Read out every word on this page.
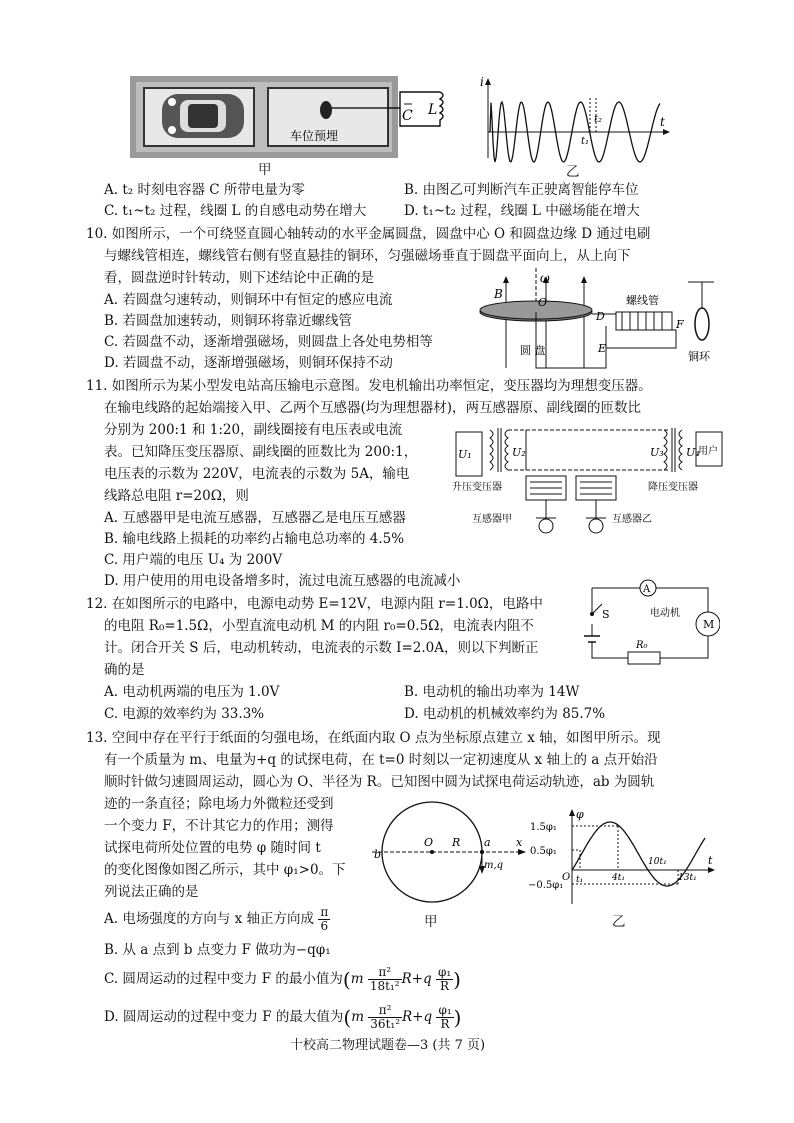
车位预埋
C L
甲
i
t
t₁
t₂
乙
A. t₂ 时刻电容器 C 所带电量为零	B. 由图乙可判断汽车正驶离智能停车位
C. t₁~t₂ 过程，线圈 L 的自感电动势在增大	D. t₁~t₂ 过程，线圈 L 中磁场能在增大
10. 如图所示，一个可绕竖直圆心轴转动的水平金属圆盘，圆盘中心 O 和圆盘边缘 D 通过电刷
与螺线管相连，螺线管右侧有竖直悬挂的铜环，匀强磁场垂直于圆盘平面向上，从上向下
看，圆盘逆时针转动，则下述结论中正确的是
A. 若圆盘匀速转动，则铜环中有恒定的感应电流
B. 若圆盘加速转动，则铜环将靠近螺线管
C. 若圆盘不动，逐渐增强磁场，则圆盘上各处电势相等
D. 若圆盘不动，逐渐增强磁场，则铜环保持不动
B
ω
O
D
圆 盘	E
螺线管
F
铜环
11. 如图所示为某小型发电站高压输电示意图。发电机输出功率恒定，变压器均为理想变压器。
在输电线路的起始端接入甲、乙两个互感器(均为理想器材)，两互感器原、副线圈的匝数比
分别为 200:1 和 1:20，副线圈接有电压表或电流
表。已知降压变压器原、副线圈的匝数比为 200:1，
电压表的示数为 220V，电流表的示数为 5A，输电
线路总电阻 r=20Ω，则
A. 互感器甲是电流互感器，互感器乙是电压互感器
B. 输电线路上损耗的功率约占输电总功率的 4.5%
C. 用户端的电压 U₄ 为 200V
D. 用户使用的用电设备增多时，流过电流互感器的电流减小
U₁	U₂	U₃ U₄
用户
升压变压器	降压变压器
互感器甲	互感器乙
12. 在如图所示的电路中，电源电动势 E=12V，电源内阻 r=1.0Ω，电路中
的电阻 R₀=1.5Ω，小型直流电动机 M 的内阻 r₀=0.5Ω，电流表内阻不
计。闭合开关 S 后，电动机转动，电流表的示数 I=2.0A，则以下判断正
确的是
A. 电动机两端的电压为 1.0V	B. 电动机的输出功率为 14W
C. 电源的效率约为 33.3%	D. 电动机的机械效率约为 85.7%
A
S
R₀
M
电动机
13. 空间中存在平行于纸面的匀强电场，在纸面内取 O 点为坐标原点建立 x 轴，如图甲所示。现
有一个质量为 m、电量为+q 的试探电荷，在 t=0 时刻以一定初速度从 x 轴上的 a 点开始沿
顺时针做匀速圆周运动，圆心为 O、半径为 R。已知图中圆为试探电荷运动轨迹，ab 为圆轨
迹的一条直径；除电场力外微粒还受到
一个变力 F，不计其它力的作用；测得
试探电荷所处位置的电势 φ 随时间 t
的变化图像如图乙所示，其中 φ₁>0。下
列说法正确的是
A. 电场强度的方向与 x 轴正方向成 $\frac{\pi}{6}$
B. 从 a 点到 b 点变力 F 做功为−qφ₁
C. 圆周运动的过程中变力 F 的最小值为($m \frac{\text{π²}}{\text{18t₁²}} R+q \frac{\text{φ₁}}{R}$ )
D. 圆周运动的过程中变力 F 的最大值为($m \frac{\text{π²}}{\text{36t₁²}} R+q \frac{\text{φ₁}}{R}$ )
b
O R a x
m,q
甲
φ
t
1.5φ₁
0.5φ₁
−0.5φ₁
O t₁	4t₁
10t₁
13t₁
乙
十校高二物理试题卷—3 (共 7 页)
